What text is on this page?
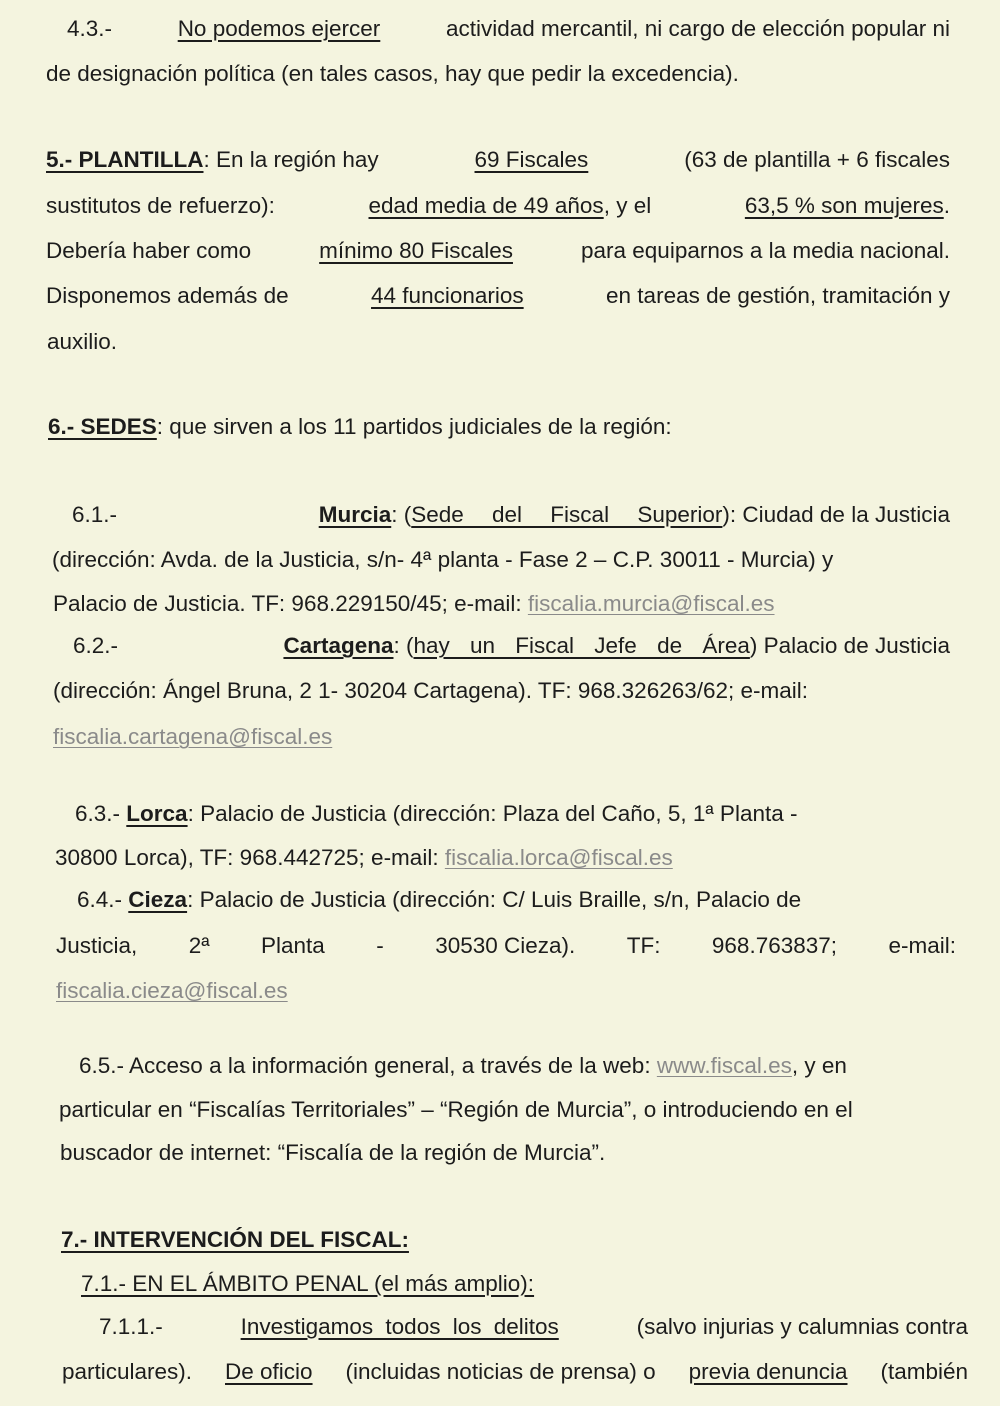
4.3.-	No podemos ejercer	actividad mercantil, ni cargo de elección popular ni
de designación política (en tales casos, hay que pedir la excedencia).
5.- PLANTILLA: En la región hay	69 Fiscales	(63 de plantilla + 6 fiscales
sustitutos de refuerzo):	edad media de 49 años, y el	63,5 % son mujeres.
Debería haber como	mínimo 80 Fiscales	para equiparnos a la media nacional.
Disponemos además de	44 funcionarios	en tareas de gestión, tramitación y
auxilio.
6.- SEDES: que sirven a los 11 partidos judiciales de la región:
6.1.-	Murcia: (Sede del Fiscal Superior): Ciudad de la Justicia
(dirección: Avda. de la Justicia, s/n- 4ª planta - Fase 2 – C.P. 30011 - Murcia) y
Palacio de Justicia. TF: 968.229150/45; e-mail: fiscalia.murcia@fiscal.es
6.2.-	Cartagena: (hay un Fiscal Jefe de Área) Palacio de Justicia
(dirección: Ángel Bruna, 2 1- 30204 Cartagena). TF: 968.326263/62; e-mail:
fiscalia.cartagena@fiscal.es
6.3.- Lorca: Palacio de Justicia (dirección: Plaza del Caño, 5, 1ª Planta -
30800 Lorca), TF: 968.442725; e-mail: fiscalia.lorca@fiscal.es
6.4.- Cieza: Palacio de Justicia (dirección: C/ Luis Braille, s/n, Palacio de
Justicia, 2ª Planta - 30530 Cieza). TF: 968.763837; e-mail:
fiscalia.cieza@fiscal.es
6.5.- Acceso a la información general, a través de la web: www.fiscal.es, y en
particular en “Fiscalías Territoriales” – “Región de Murcia”, o introduciendo en el
buscador de internet: “Fiscalía de la región de Murcia”.
7.- INTERVENCIÓN DEL FISCAL:
7.1.- EN EL ÁMBITO PENAL (el más amplio):
7.1.1.-	Investigamos todos los delitos	(salvo injurias y calumnias contra
particulares). De oficio (incluidas noticias de prensa) o previa denuncia (también
